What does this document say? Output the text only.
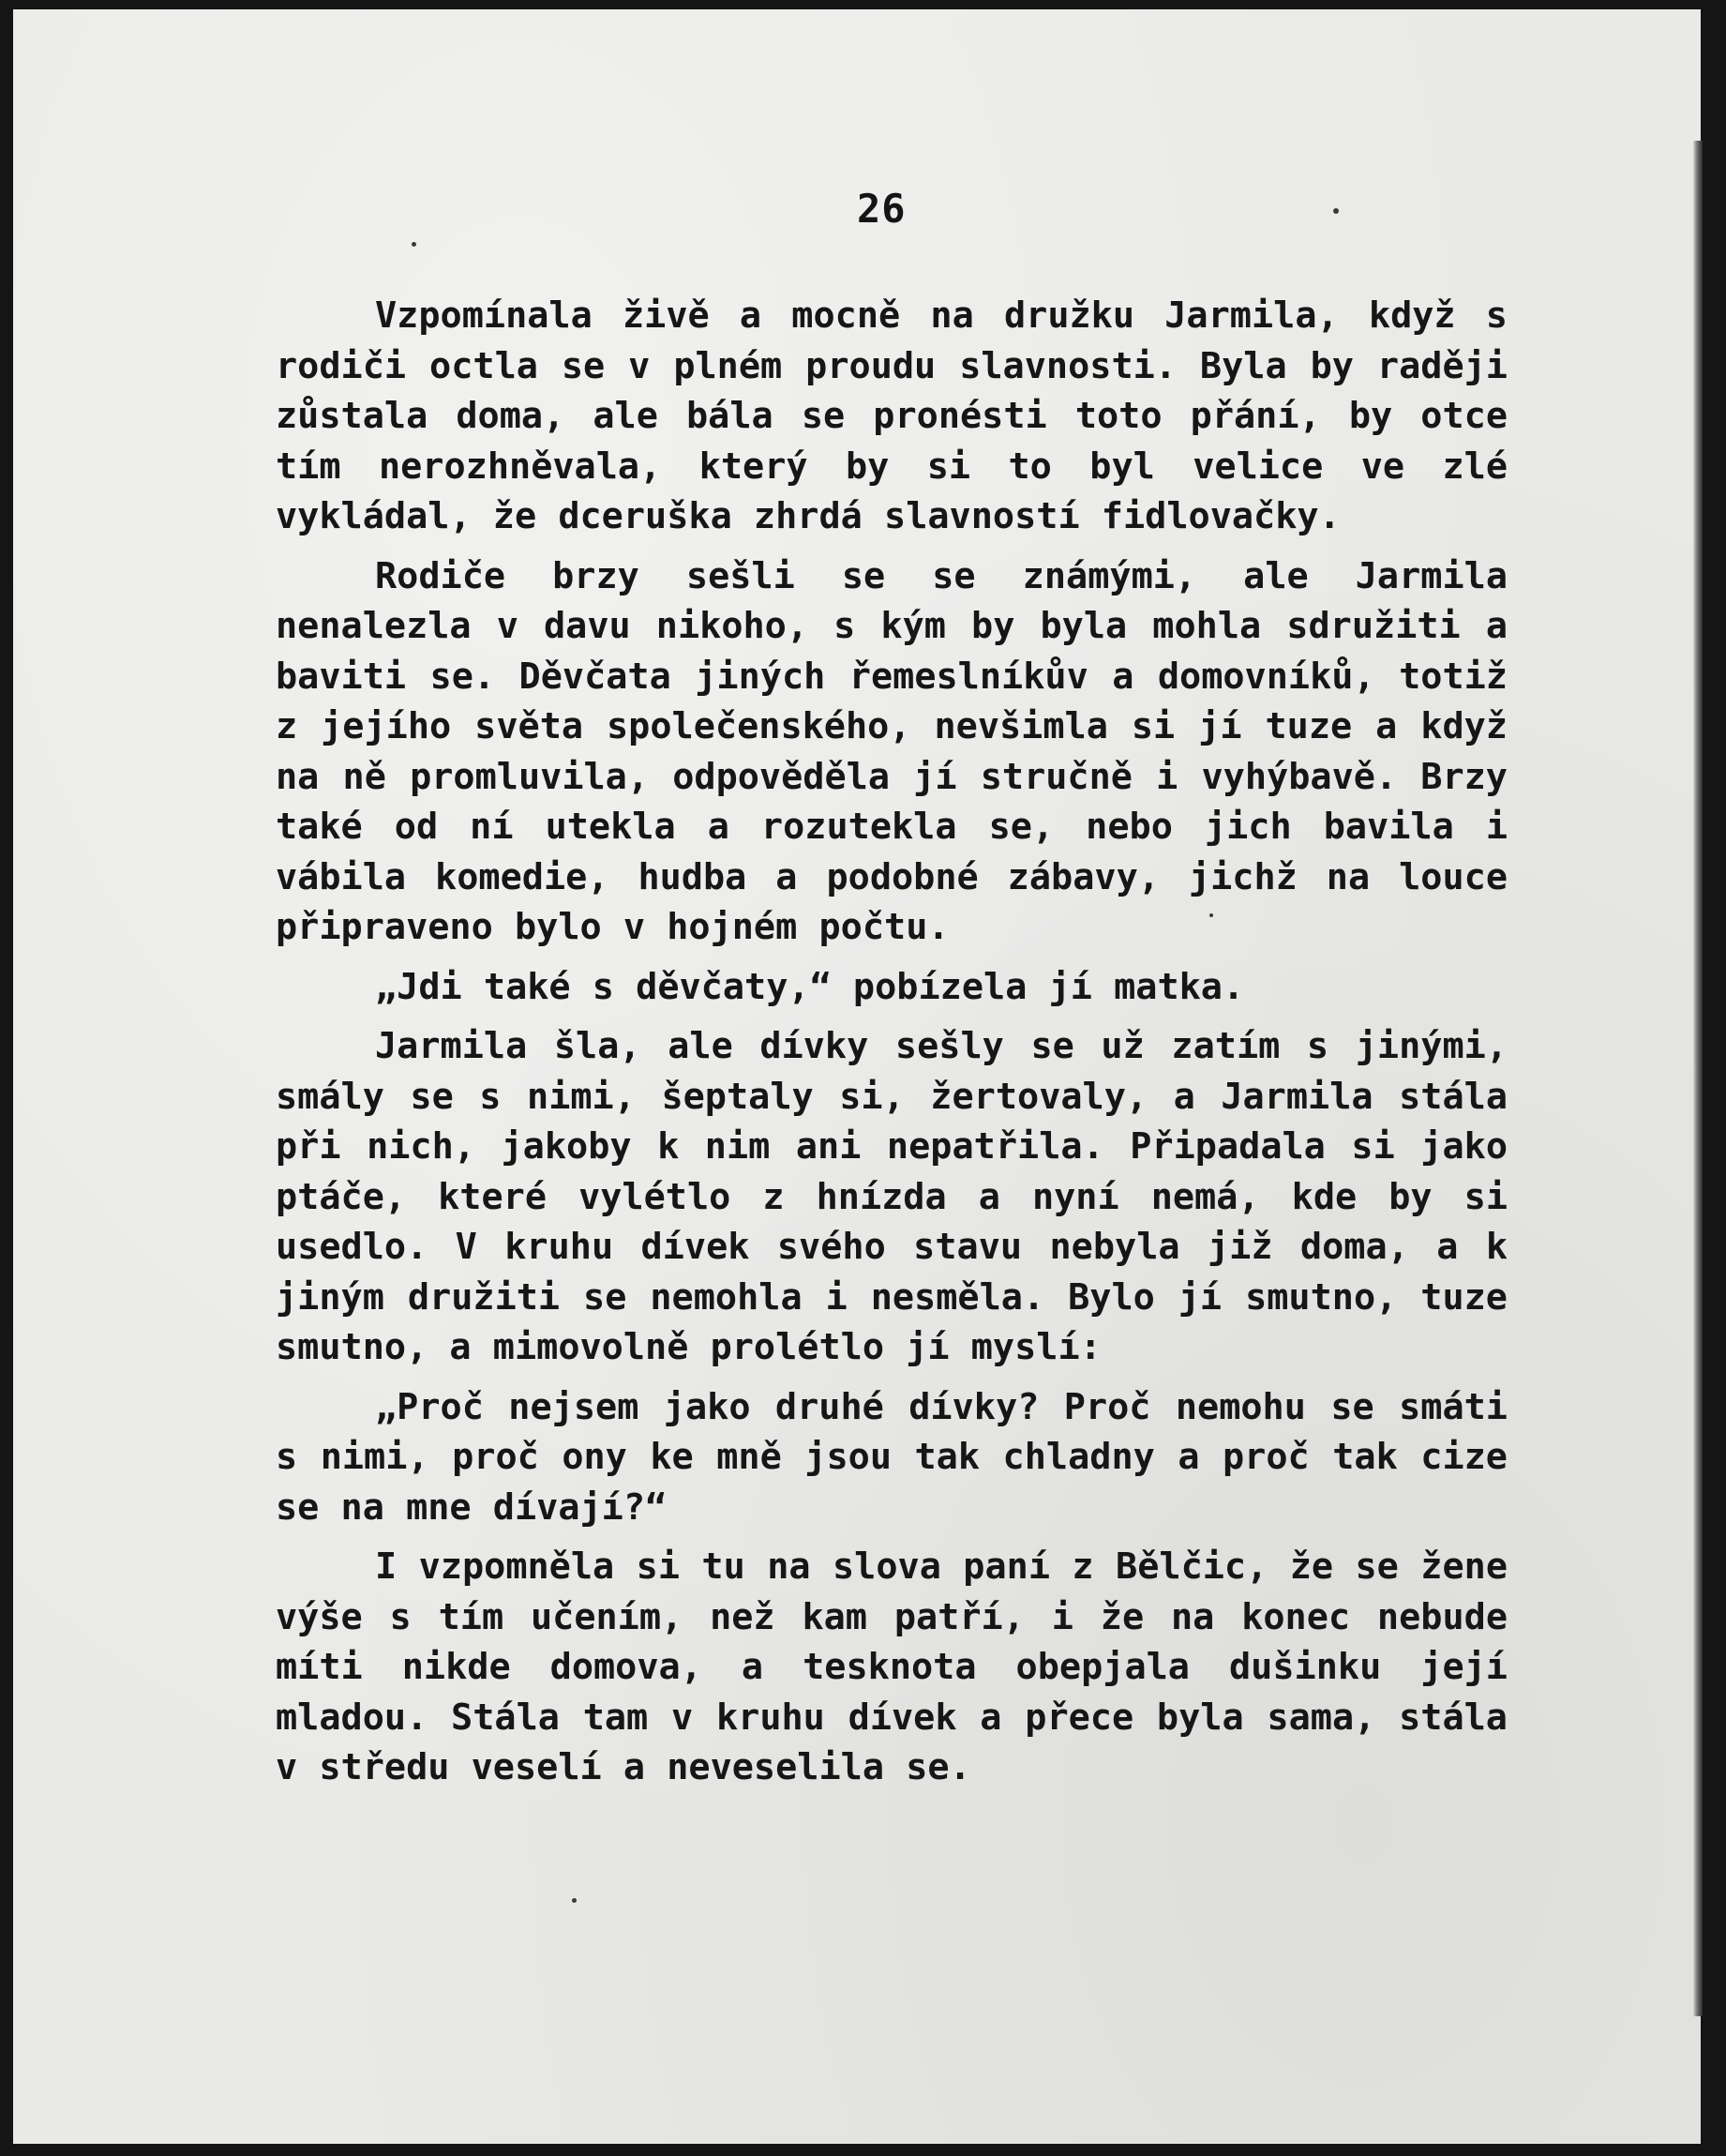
26

Vzpomínala živě a mocně na družku Jarmila, když s rodiči octla se v plném proudu slavnosti. Byla by raději zůstala doma, ale bála se pronésti toto přání, by otce tím nerozhněvala, který by si to byl velice ve zlé vykládal, že dceruška zhrdá slavností fidlovačky.

Rodiče brzy sešli se se známými, ale Jarmila nenalezla v davu nikoho, s kým by byla mohla sdružiti a baviti se. Děvčata jiných řemeslníkův a domovníků, totiž z jejího světa společenského, nevšimla si jí tuze a když na ně promluvila, odpověděla jí stručně i vyhýbavě. Brzy také od ní utekla a rozutekla se, nebo jich bavila i vábila komedie, hudba a podobné zábavy, jichž na louce připraveno bylo v hojném počtu.

„Jdi také s děvčaty,“ pobízela jí matka.

Jarmila šla, ale dívky sešly se už zatím s jinými, smály se s nimi, šeptaly si, žertovaly, a Jarmila stála při nich, jakoby k nim ani nepatřila. Připadala si jako ptáče, které vylétlo z hnízda a nyní nemá, kde by si usedlo. V kruhu dívek svého stavu nebyla již doma, a k jiným družiti se nemohla i nesměla. Bylo jí smutno, tuze smutno, a mimovolně prolétlo jí myslí:

„Proč nejsem jako druhé dívky? Proč nemohu se smáti s nimi, proč ony ke mně jsou tak chladny a proč tak cize se na mne dívají?“

I vzpomněla si tu na slova paní z Bělčic, že se žene výše s tím učením, než kam patří, i že na konec nebude míti nikde domova, a tesknota obepjala dušinku její mladou. Stála tam v kruhu dívek a přece byla sama, stála v středu veselí a neveselila se.
